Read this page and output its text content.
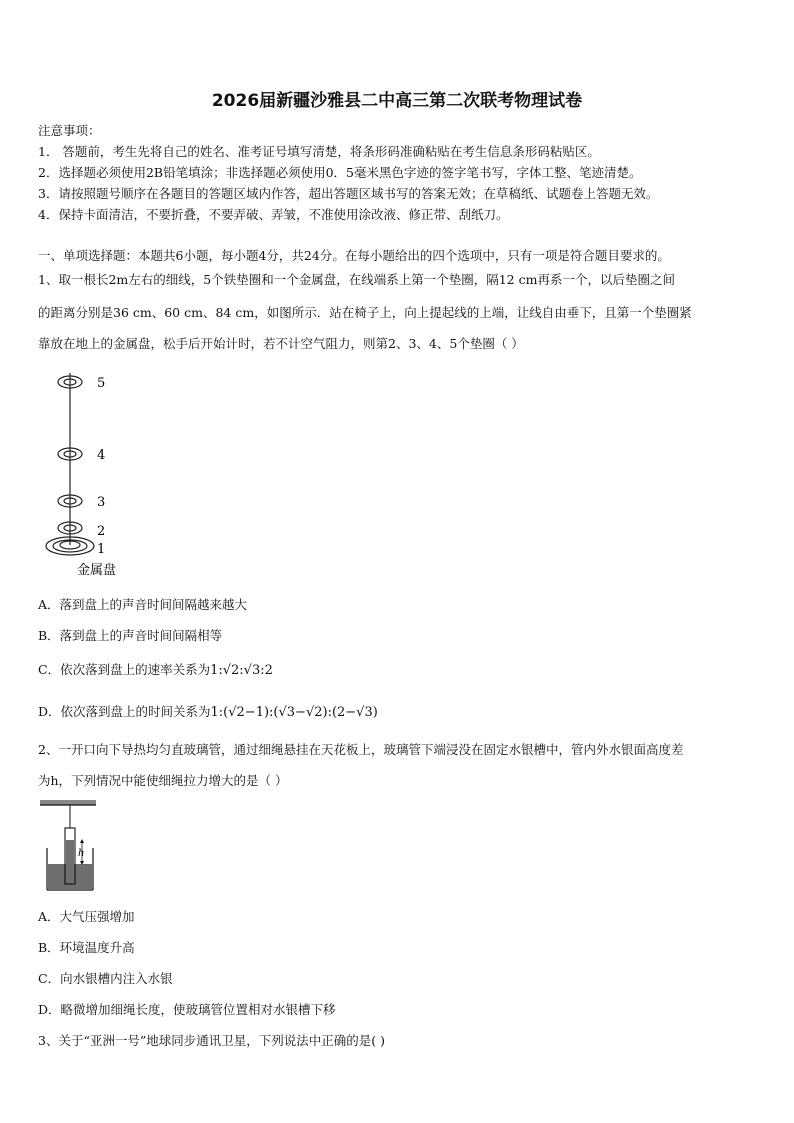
2026届新疆沙雅县二中高三第二次联考物理试卷
注意事项：
1． 答题前，考生先将自己的姓名、准考证号填写清楚，将条形码准确粘贴在考生信息条形码粘贴区。
2．选择题必须使用2B铅笔填涂；非选择题必须使用0．5毫米黑色字迹的签字笔书写，字体工整、笔迹清楚。
3．请按照题号顺序在各题目的答题区域内作答，超出答题区域书写的答案无效；在草稿纸、试题卷上答题无效。
4．保持卡面清洁，不要折叠，不要弄破、弄皱，不准使用涂改液、修正带、刮纸刀。
一、单项选择题：本题共6小题，每小题4分，共24分。在每小题给出的四个选项中，只有一项是符合题目要求的。
1、取一根长2m左右的细线，5个铁垫圈和一个金属盘，在线端系上第一个垫圈，隔12 cm再系一个，以后垫圈之间
的距离分别是36 cm、60 cm、84 cm，如图所示．站在椅子上，向上提起线的上端，让线自由垂下，且第一个垫圈紧
靠放在地上的金属盘，松手后开始计时，若不计空气阻力，则第2、3、4、5个垫圈（ ）
5
4
3
2
1
金属盘
A．落到盘上的声音时间间隔越来越大
B．落到盘上的声音时间间隔相等
C．依次落到盘上的速率关系为1:√2:√3:2
D．依次落到盘上的时间关系为1:(√2−1):(√3−√2):(2−√3)
2、一开口向下导热均匀直玻璃管，通过细绳悬挂在天花板上，玻璃管下端浸没在固定水银槽中，管内外水银面高度差
为h，下列情况中能使细绳拉力增大的是（ ）
h
A．大气压强增加
B．环境温度升高
C．向水银槽内注入水银
D．略微增加细绳长度，使玻璃管位置相对水银槽下移
3、关于“亚洲一号”地球同步通讯卫星，下列说法中正确的是( )
